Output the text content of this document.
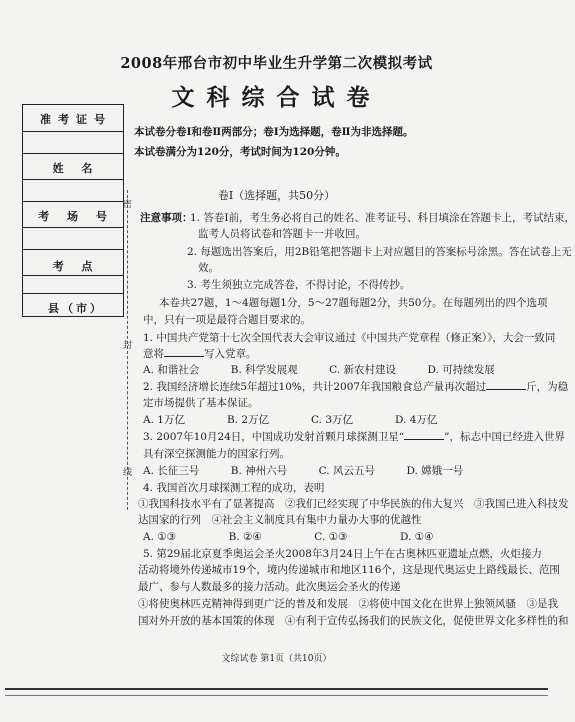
准考证号
姓 名
考 场 号
考 点
县（市）
密
封
线
2008年邢台市初中毕业生升学第二次模拟考试
文科综合试卷
本试卷分卷Ⅰ和卷Ⅱ两部分；卷Ⅰ为选择题，卷Ⅱ为非选择题。
本试卷满分为120分，考试时间为120分钟。
卷Ⅰ（选择题，共50分）
注意事项：
1. 答卷Ⅰ前，考生务必将自己的姓名、准考证号、科目填涂在答题卡上，考试结束，
监考人员将试卷和答题卡一并收回。
2. 每题选出答案后，用2B铅笔把答题卡上对应题目的答案标号涂黑。答在试卷上无
效。
3. 考生须独立完成答卷，不得讨论，不得传抄。
本卷共27题，1～4题每题1分，5～27题每题2分，共50分。在每题列出的四个选项
中，只有一项是最符合题目要求的。
1. 中国共产党第十七次全国代表大会审议通过《中国共产党章程（修正案）》，大会一致同
意将	写入党章。
A. 和谐社会　　　B. 科学发展观　　　C. 新农村建设　　　D. 可持续发展
2. 我国经济增长连续5年超过10%，共计2007年我国粮食总产量再次超过	斤，为稳
定市场提供了基本保证。
A. 1万亿　　　　B. 2万亿　　　　C. 3万亿　　　　D. 4万亿
3. 2007年10月24日，中国成功发射首颗月球探测卫星“	”，标志中国已经进入世界
具有深空探测能力的国家行列。
A. 长征三号　　　B. 神州六号　　　C. 风云五号　　　D. 嫦娥一号
4. 我国首次月球探测工程的成功，表明
①我国科技水平有了显著提高　②我们已经实现了中华民族的伟大复兴　③我国已进入科技发
达国家的行列　④社会主义制度具有集中力量办大事的优越性
A. ①③　　　　　B. ②④　　　　　C. ①③　　　　　D. ①④
5. 第29届北京夏季奥运会圣火2008年3月24日上午在古奥林匹亚遗址点燃，火炬接力
活动将境外传递城市19个，境内传递城市和地区116个，这是现代奥运史上路线最长、范围
最广、参与人数最多的接力活动。此次奥运会圣火的传递
①将使奥林匹克精神得到更广泛的普及和发展　②将使中国文化在世界上独领风骚　③是我
国对外开放的基本国策的体现　④有利于宣传弘扬我们的民族文化，促使世界文化多样性的和
文综试卷 第1页（共10页）
